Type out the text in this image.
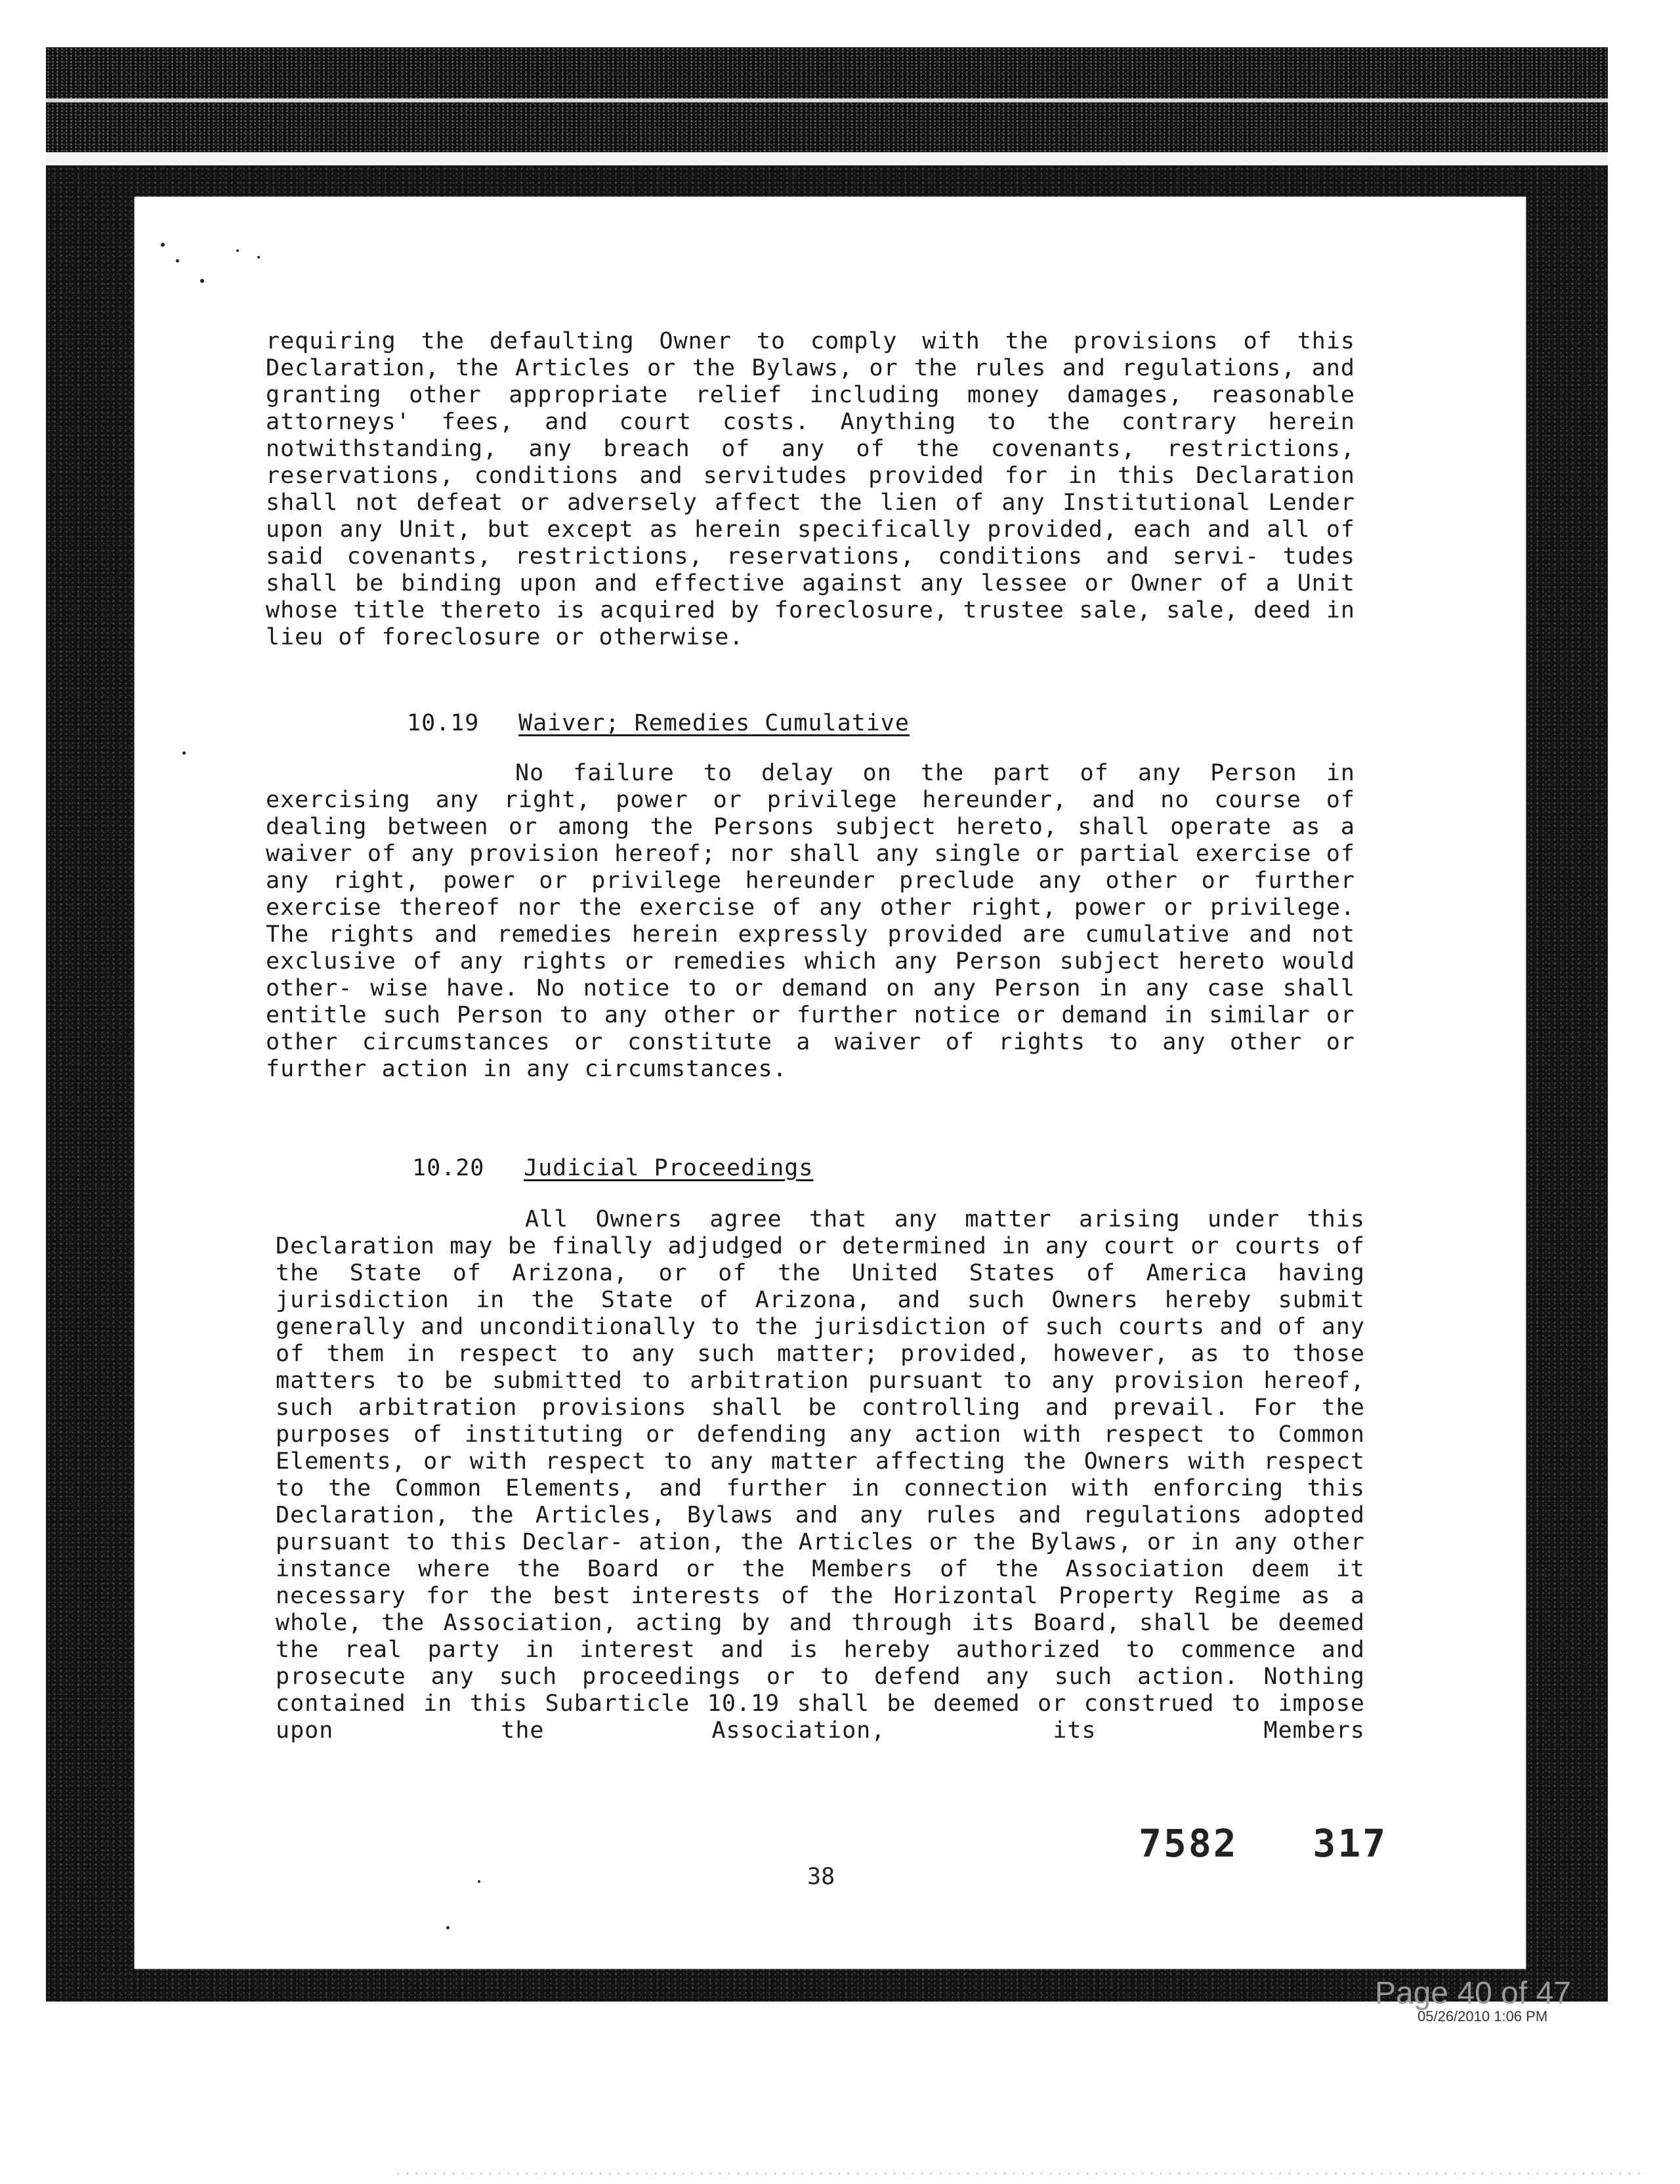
requiring the defaulting Owner to comply with the provisions of this Declaration, the Articles or the Bylaws, or the rules and regulations, and granting other appropriate relief including money damages, reasonable attorneys' fees, and court costs. Anything to the contrary herein notwithstanding, any breach of any of the covenants, restrictions, reservations, conditions and servitudes provided for in this Declaration shall not defeat or adversely affect the lien of any Institutional Lender upon any Unit, but except as herein specifically provided, each and all of said covenants, restrictions, reservations, conditions and servi- tudes shall be binding upon and effective against any lessee or Owner of a Unit whose title thereto is acquired by foreclosure, trustee sale, sale, deed in lieu of foreclosure or otherwise.
10.19 Waiver; Remedies Cumulative
No failure to delay on the part of any Person in exercising any right, power or privilege hereunder, and no course of dealing between or among the Persons subject hereto, shall operate as a waiver of any provision hereof; nor shall any single or partial exercise of any right, power or privilege hereunder preclude any other or further exercise thereof nor the exercise of any other right, power or privilege. The rights and remedies herein expressly provided are cumulative and not exclusive of any rights or remedies which any Person subject hereto would other- wise have. No notice to or demand on any Person in any case shall entitle such Person to any other or further notice or demand in similar or other circumstances or constitute a waiver of rights to any other or further action in any circumstances.
10.20 Judicial Proceedings
All Owners agree that any matter arising under this Declaration may be finally adjudged or determined in any court or courts of the State of Arizona, or of the United States of America having jurisdiction in the State of Arizona, and such Owners hereby submit generally and unconditionally to the jurisdiction of such courts and of any of them in respect to any such matter; provided, however, as to those matters to be submitted to arbitration pursuant to any provision hereof, such arbitration provisions shall be controlling and prevail. For the purposes of instituting or defending any action with respect to Common Elements, or with respect to any matter affecting the Owners with respect to the Common Elements, and further in connection with enforcing this Declaration, the Articles, Bylaws and any rules and regulations adopted pursuant to this Declar- ation, the Articles or the Bylaws, or in any other instance where the Board or the Members of the Association deem it necessary for the best interests of the Horizontal Property Regime as a whole, the Association, acting by and through its Board, shall be deemed the real party in interest and is hereby authorized to commence and prosecute any such proceedings or to defend any such action. Nothing contained in this Subarticle 10.19 shall be deemed or construed to impose upon the Association, its Members
7582   317
38
Page 40 of 47
05/26/2010 1:06 PM
